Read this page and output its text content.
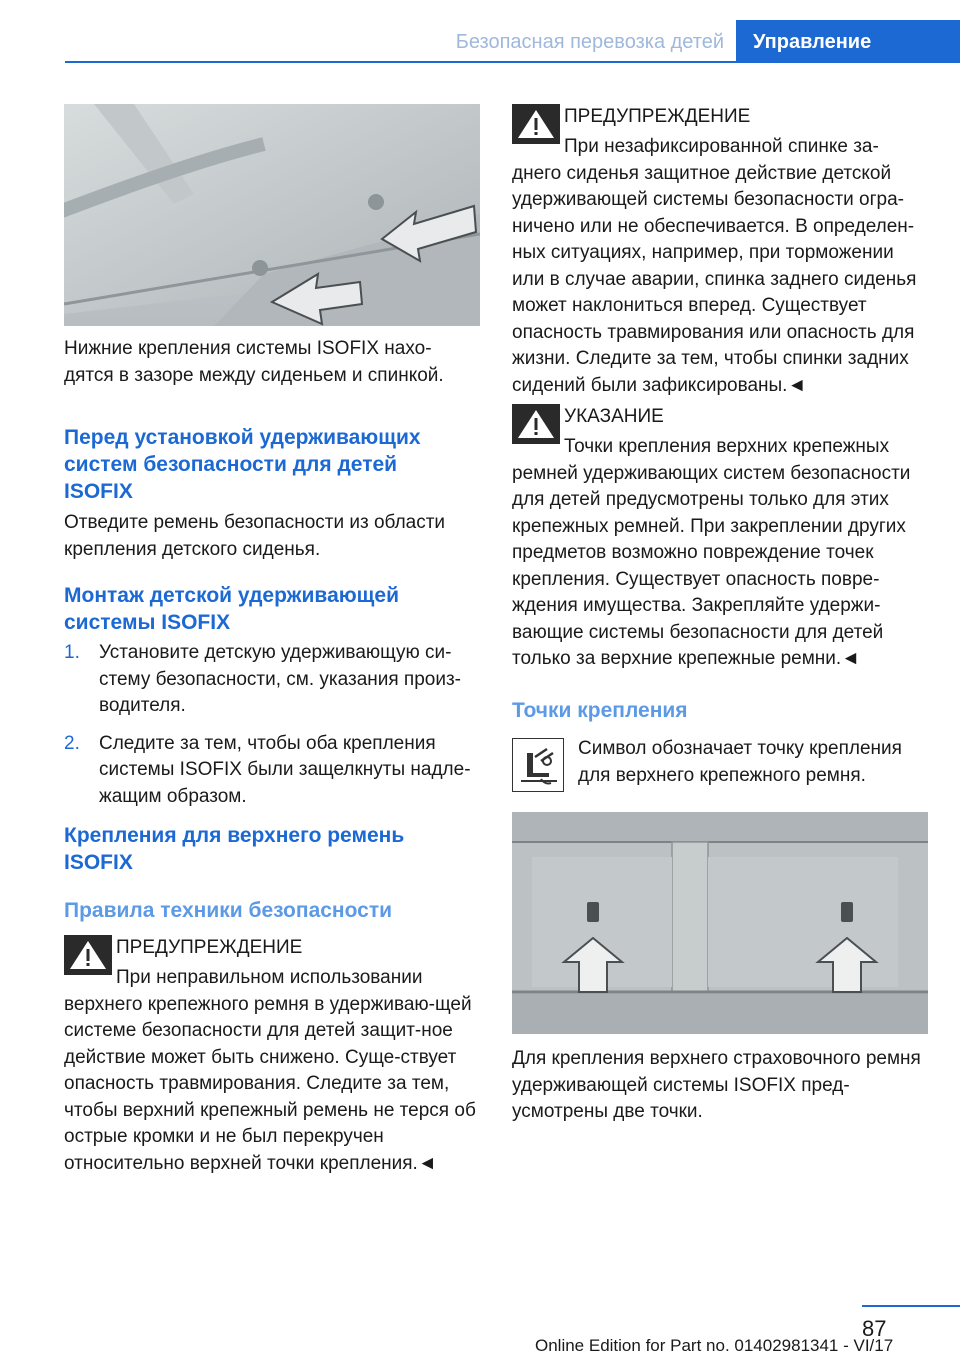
Безопасная перевозка детей	Управление

Нижние крепления системы ISOFIX нахо-дятся в зазоре между сиденьем и спинкой.

Перед установкой удерживающих систем безопасности для детей ISOFIX

Отведите ремень безопасности из области крепления детского сиденья.

Монтаж детской удерживающей системы ISOFIX
1. Установите детскую удерживающую си-стему безопасности, см. указания произ-водителя.
2. Следите за тем, чтобы оба крепления системы ISOFIX были защелкнуты надле-жащим образом.
Крепления для верхнего ремень ISOFIX
Правила техники безопасности
ПРЕДУПРЕЖДЕНИЕ
При неправильном использовании верхнего крепежного ремня в удерживаю-щей системе безопасности для детей защит-ное действие может быть снижено. Суще-ствует опасность травмирования. Следите за тем, чтобы верхний крепежный ремень не терся об острые кромки и не был перекручен относительно верхней точки крепления.◄
ПРЕДУПРЕЖДЕНИЕ
При незафиксированной спинке за-днего сиденья защитное действие детской удерживающей системы безопасности огра-ничено или не обеспечивается. В определен-ных ситуациях, например, при торможении или в случае аварии, спинка заднего сиденья может наклониться вперед. Существует опасность травмирования или опасность для жизни. Следите за тем, чтобы спинки задних сидений были зафиксированы.◄
УКАЗАНИЕ
Точки крепления верхних крепежных ремней удерживающих систем безопасности для детей предусмотрены только для этих крепежных ремней. При закреплении других предметов возможно повреждение точек крепления. Существует опасность повре-ждения имущества. Закрепляйте удержи-вающие системы безопасности для детей только за верхние крепежные ремни.◄
Точки крепления

Символ обозначает точку крепления для верхнего крепежного ремня.

Для крепления верхнего страховочного ремня удерживающей системы ISOFIX пред-усмотрены две точки.

87
Online Edition for Part no. 01402981341 - VI/17
